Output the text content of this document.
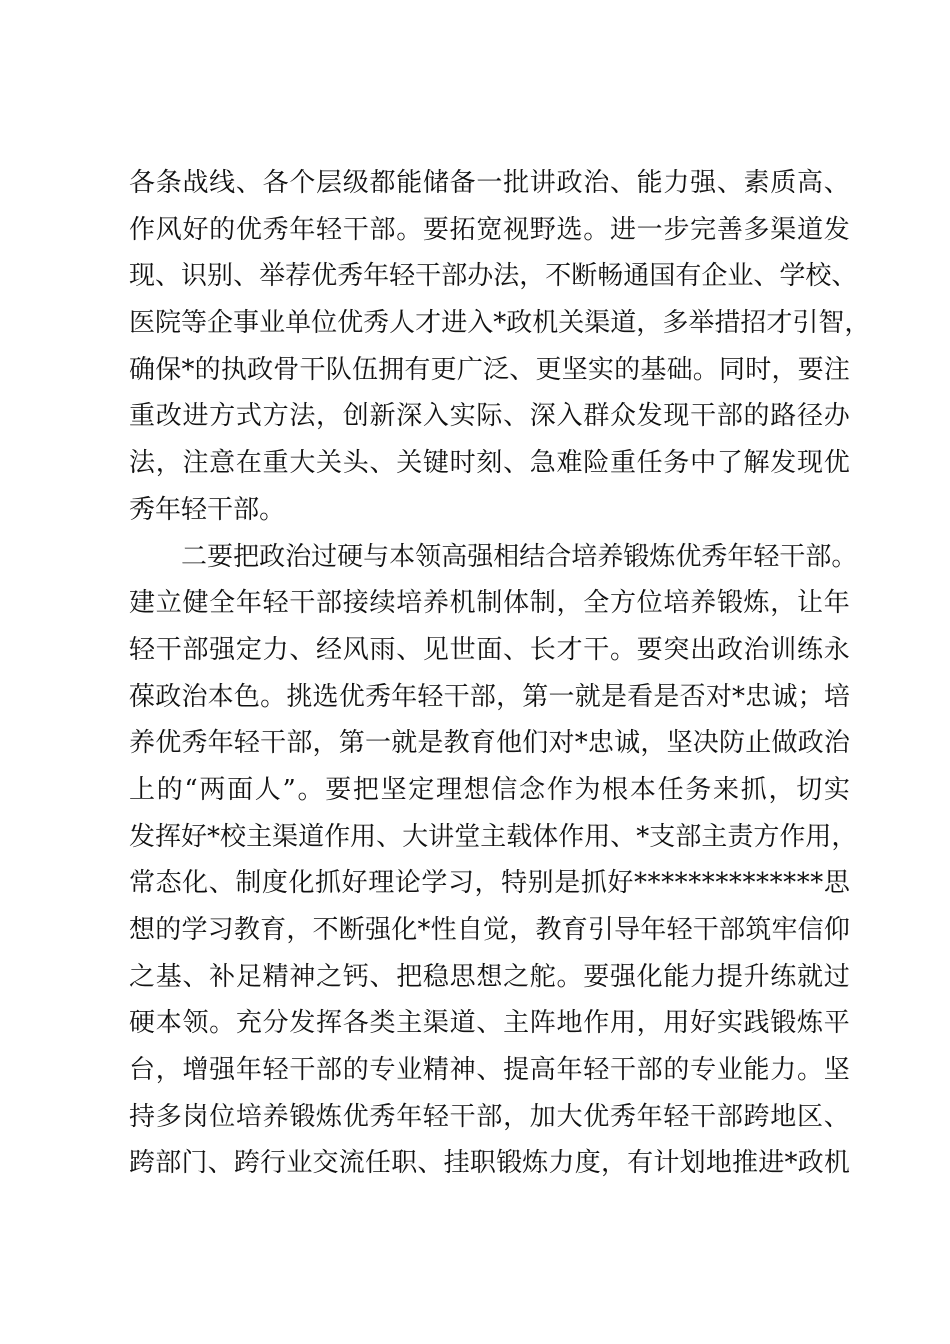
各 条 战 线 、 各 个 层 级 都 能 储 备 一 批 讲 政 治 、 能 力 强 、 素 质 高 、
作 风 好 的 优 秀 年 轻 干 部 。 要 拓 宽 视 野 选 。 进 一 步 完 善 多 渠 道 发
现 、 识 别 、 举 荐 优 秀 年 轻 干 部 办 法 ， 不 断 畅 通 国 有 企 业 、 学 校 、
医 院 等 企 事 业 单 位 优 秀 人 才 进 入 * 政 机 关 渠 道 ， 多 举 措 招 才 引 智 ，
确 保 * 的 执 政 骨 干 队 伍 拥 有 更 广 泛 、 更 坚 实 的 基 础 。 同 时 ， 要 注
重 改 进 方 式 方 法 ， 创 新 深 入 实 际 、 深 入 群 众 发 现 干 部 的 路 径 办
法 ， 注 意 在 重 大 关 头 、 关 键 时 刻 、 急 难 险 重 任 务 中 了 解 发 现 优
秀 年 轻 干 部 。

二 要 把 政 治 过 硬 与 本 领 高 强 相 结 合 培 养 锻 炼 优 秀 年 轻 干 部 。
建 立 健 全 年 轻 干 部 接 续 培 养 机 制 体 制 ， 全 方 位 培 养 锻 炼 ， 让 年
轻 干 部 强 定 力 、 经 风 雨 、 见 世 面 、 长 才 干 。 要 突 出 政 治 训 练 永
葆 政 治 本 色 。 挑 选 优 秀 年 轻 干 部 ， 第 一 就 是 看 是 否 对 * 忠 诚 ； 培
养 优 秀 年 轻 干 部 ， 第 一 就 是 教 育 他 们 对 * 忠 诚 ， 坚 决 防 止 做 政 治
上 的 “ 两 面 人 ” 。 要 把 坚 定 理 想 信 念 作 为 根 本 任 务 来 抓 ， 切 实
发 挥 好 * 校 主 渠 道 作 用 、 大 讲 堂 主 载 体 作 用 、 * 支 部 主 责 方 作 用 ，
常 态 化 、 制 度 化 抓 好 理 论 学 习 ， 特 别 是 抓 好 * * * * * * * * * * * * * * 思
想 的 学 习 教 育 ， 不 断 强 化 * 性 自 觉 ， 教 育 引 导 年 轻 干 部 筑 牢 信 仰
之 基 、 补 足 精 神 之 钙 、 把 稳 思 想 之 舵 。 要 强 化 能 力 提 升 练 就 过
硬 本 领 。 充 分 发 挥 各 类 主 渠 道 、 主 阵 地 作 用 ， 用 好 实 践 锻 炼 平
台 ， 增 强 年 轻 干 部 的 专 业 精 神 、 提 高 年 轻 干 部 的 专 业 能 力 。 坚
持 多 岗 位 培 养 锻 炼 优 秀 年 轻 干 部 ， 加 大 优 秀 年 轻 干 部 跨 地 区 、
跨 部 门 、 跨 行 业 交 流 任 职 、 挂 职 锻 炼 力 度 ， 有 计 划 地 推 进 * 政 机
